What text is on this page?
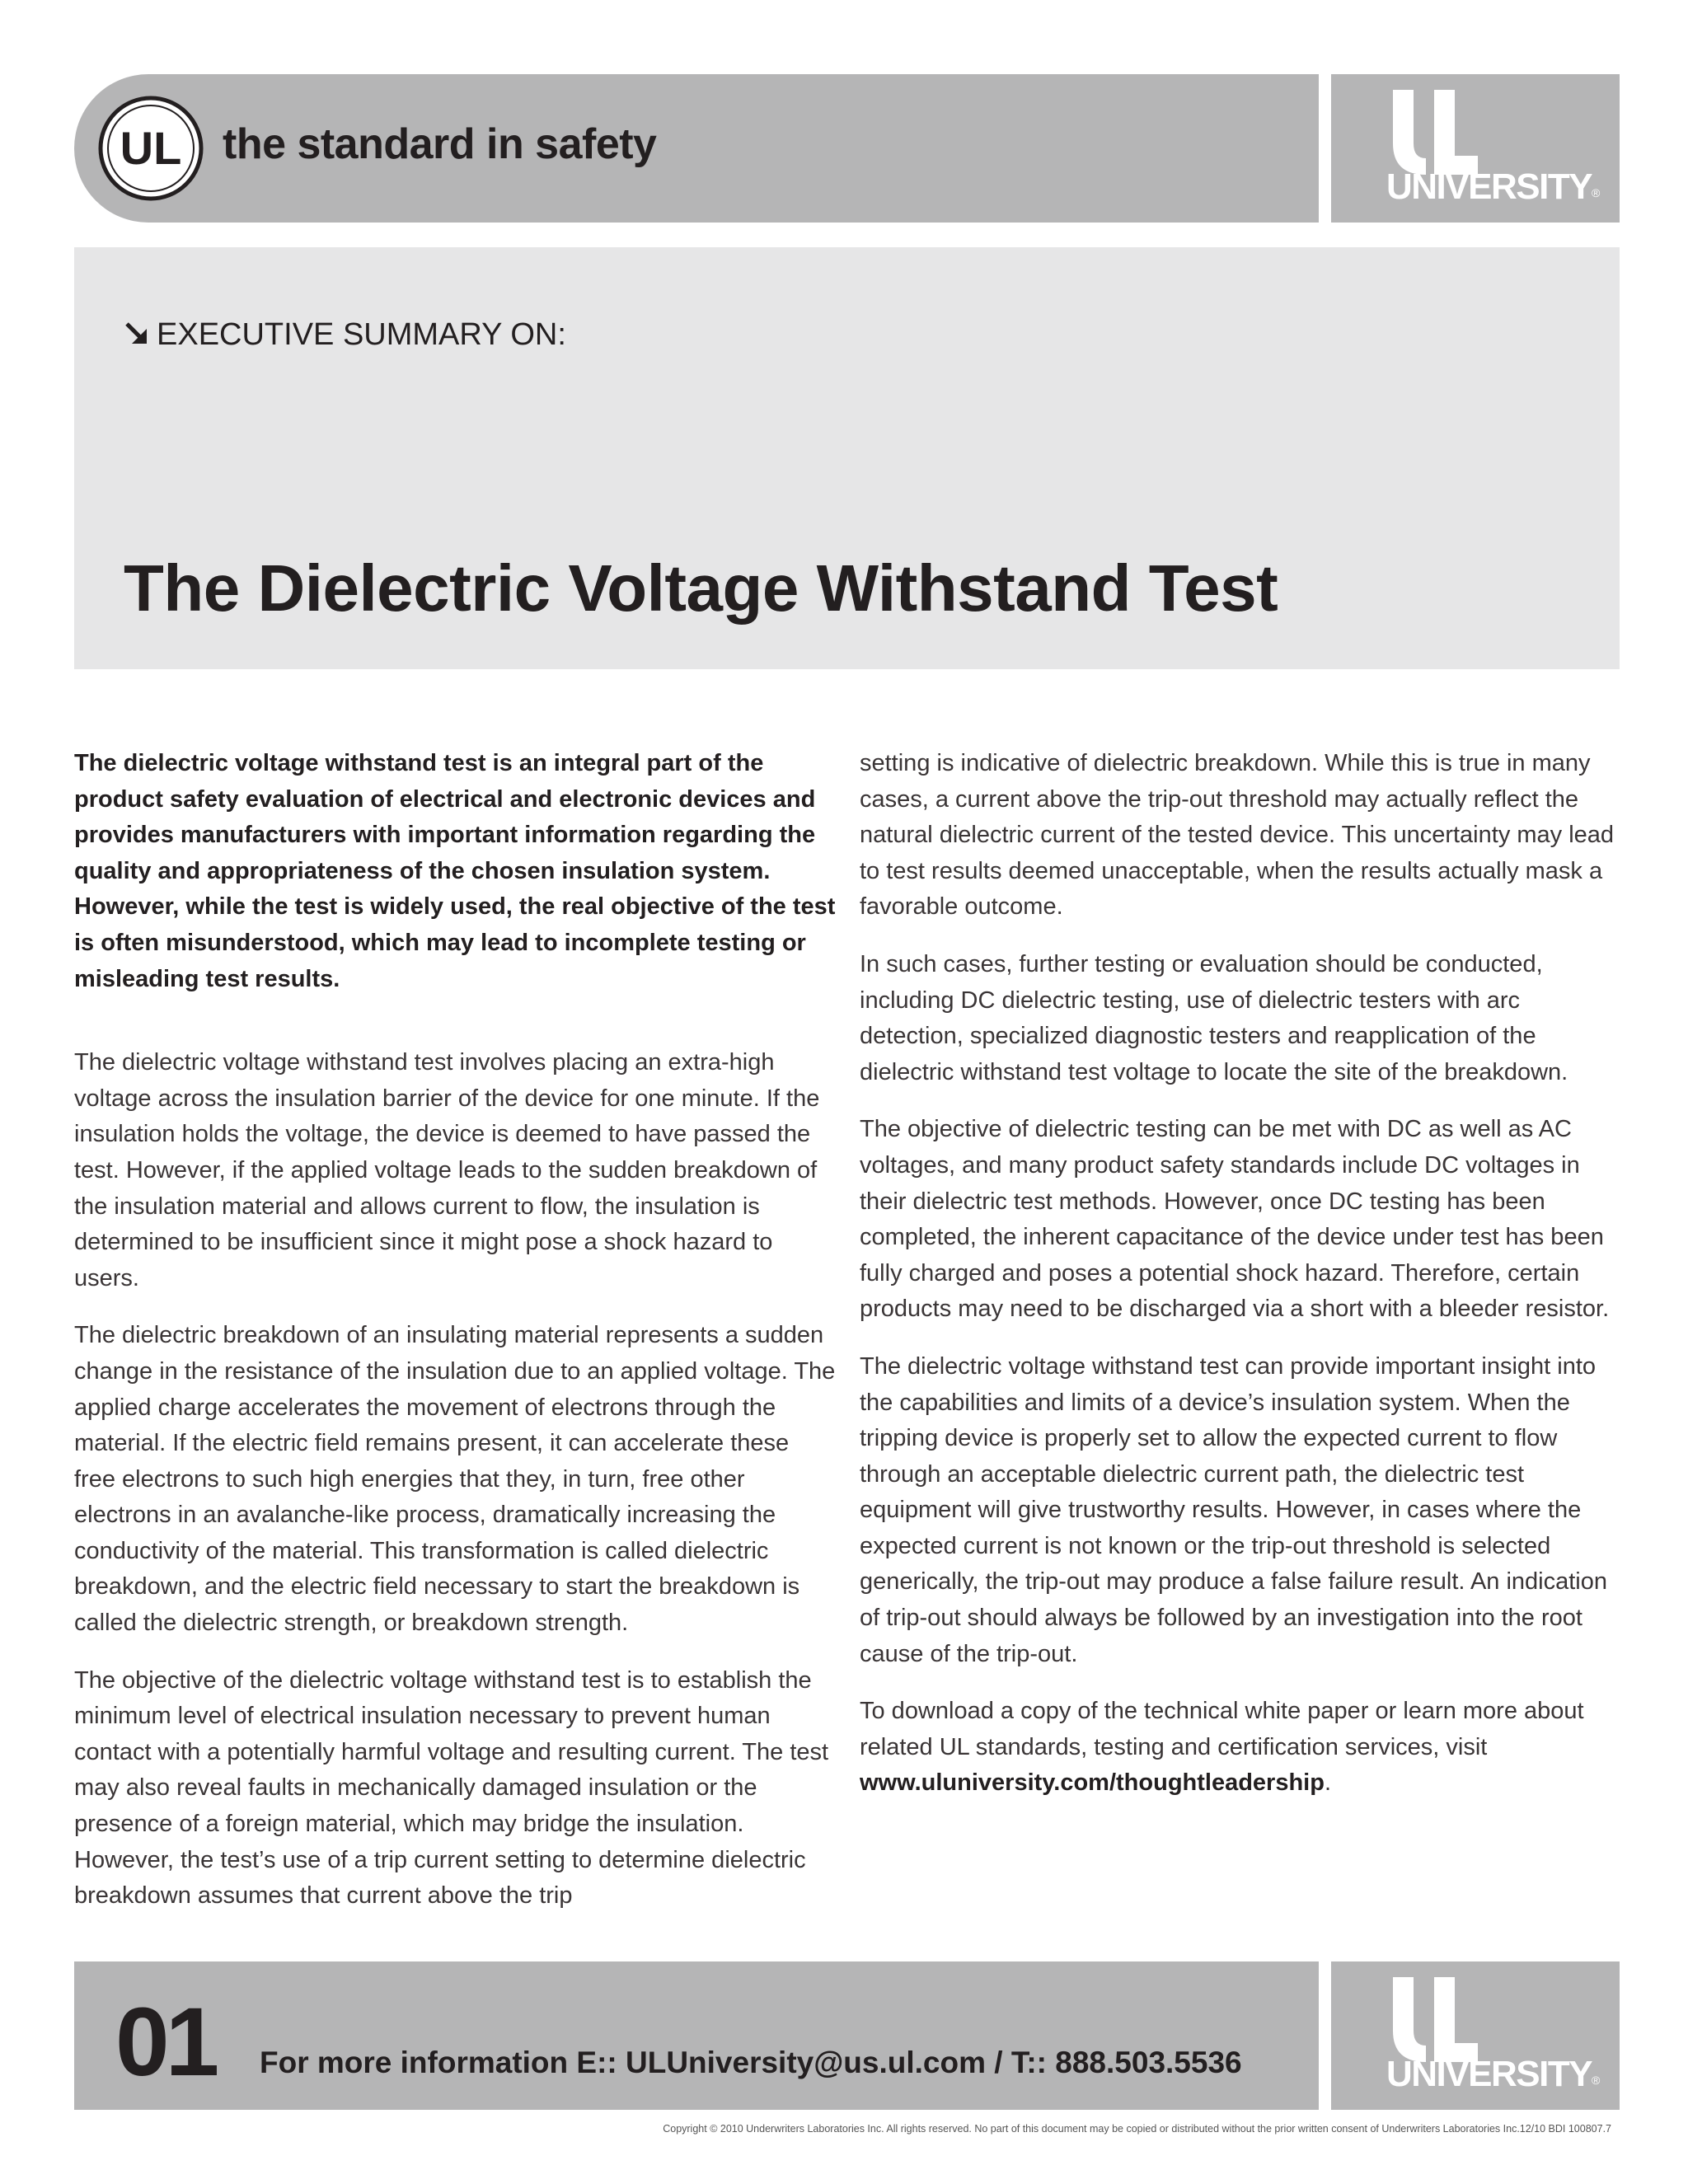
UL the standard in safety
UNIVERSITY®
EXECUTIVE SUMMARY ON:
The Dielectric Voltage Withstand Test

The dielectric voltage withstand test is an integral part of the product safety evaluation of electrical and electronic devices and provides manufacturers with important information regarding the quality and appropriateness of the chosen insulation system. However, while the test is widely used, the real objective of the test is often misunderstood, which may lead to incomplete testing or misleading test results.

The dielectric voltage withstand test involves placing an extra-high voltage across the insulation barrier of the device for one minute. If the insulation holds the voltage, the device is deemed to have passed the test. However, if the applied voltage leads to the sudden breakdown of the insulation material and allows current to flow, the insulation is determined to be insufficient since it might pose a shock hazard to users.

The dielectric breakdown of an insulating material represents a sudden change in the resistance of the insulation due to an applied voltage. The applied charge accelerates the movement of electrons through the material. If the electric field remains present, it can accelerate these free electrons to such high energies that they, in turn, free other electrons in an avalanche-like process, dramatically increasing the conductivity of the material. This transformation is called dielectric breakdown, and the electric field necessary to start the breakdown is called the dielectric strength, or breakdown strength.

The objective of the dielectric voltage withstand test is to establish the minimum level of electrical insulation necessary to prevent human contact with a potentially harmful voltage and resulting current. The test may also reveal faults in mechanically damaged insulation or the presence of a foreign material, which may bridge the insulation. However, the test’s use of a trip current setting to determine dielectric breakdown assumes that current above the trip

setting is indicative of dielectric breakdown. While this is true in many cases, a current above the trip-out threshold may actually reflect the natural dielectric current of the tested device. This uncertainty may lead to test results deemed unacceptable, when the results actually mask a favorable outcome.

In such cases, further testing or evaluation should be conducted, including DC dielectric testing, use of dielectric testers with arc detection, specialized diagnostic testers and reapplication of the dielectric withstand test voltage to locate the site of the breakdown.

The objective of dielectric testing can be met with DC as well as AC voltages, and many product safety standards include DC voltages in their dielectric test methods. However, once DC testing has been completed, the inherent capacitance of the device under test has been fully charged and poses a potential shock hazard. Therefore, certain products may need to be discharged via a short with a bleeder resistor.

The dielectric voltage withstand test can provide important insight into the capabilities and limits of a device’s insulation system. When the tripping device is properly set to allow the expected current to flow through an acceptable dielectric current path, the dielectric test equipment will give trustworthy results. However, in cases where the expected current is not known or the trip-out threshold is selected generically, the trip-out may produce a false failure result. An indication of trip-out should always be followed by an investigation into the root cause of the trip-out.

To download a copy of the technical white paper or learn more about related UL standards, testing and certification services, visit www.uluniversity.com/thoughtleadership.

01 For more information E:: ULUniversity@us.ul.com / T:: 888.503.5536	UNIVERSITY®
Copyright © 2010 Underwriters Laboratories Inc. All rights reserved. No part of this document may be copied or distributed without the prior written consent of Underwriters Laboratories Inc.12/10 BDI 100807.7
